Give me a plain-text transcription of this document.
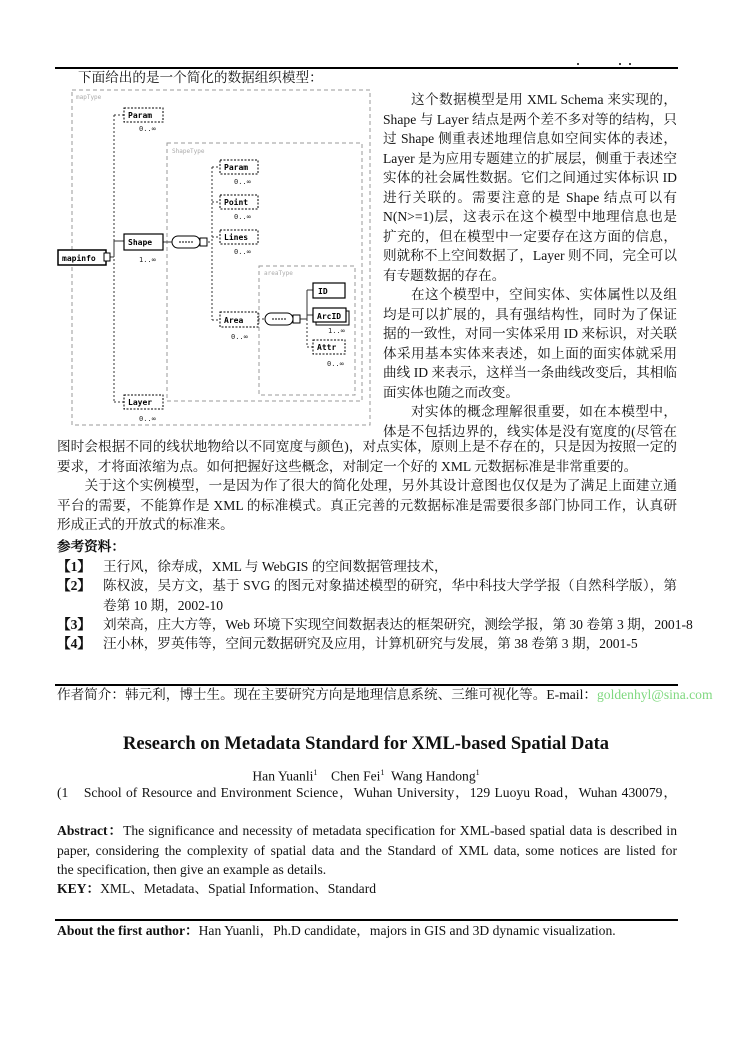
下面给出的是一个简化的数据组织模型：
mapType
ShapeType
areaType
mapinfo
Param
Shape
Param
Point
Lines
Area
ID
ArcID
Attr
Layer
0..∞
1..∞
0..∞
0..∞
0..∞
0..∞
1..∞
0..∞
0..∞
　　这个数据模型是用 XML Schema 来实现的，
Shape 与 Layer 结点是两个差不多对等的结构，只
过 Shape 侧重表述地理信息如空间实体的表述，
Layer 是为应用专题建立的扩展层，侧重于表述空
实体的社会属性数据。它们之间通过实体标识 ID
进行关联的。需要注意的是 Shape 结点可以有
N(N>=1)层，这表示在这个模型中地理信息也是
扩充的，但在模型中一定要存在这方面的信息，
则就称不上空间数据了，Layer 则不同，完全可以
有专题数据的存在。
　　在这个模型中，空间实体、实体属性以及组
均是可以扩展的，具有强结构性，同时为了保证
据的一致性，对同一实体采用 ID 来标识，对关联
体采用基本实体来表述，如上面的面实体就采用
曲线 ID 来表示，这样当一条曲线改变后，其相临
面实体也随之而改变。
　　对实体的概念理解很重要，如在本模型中，
体是不包括边界的，线实体是没有宽度的(尽管在
图时会根据不同的线状地物给以不同宽度与颜色)，对点实体，原则上是不存在的，只是因为按照一定的
要求，才将面浓缩为点。如何把握好这些概念，对制定一个好的 XML 元数据标准是非常重要的。
　　关于这个实例模型，一是因为作了很大的简化处理，另外其设计意图也仅仅是为了满足上面建立通
平台的需要，不能算作是 XML 的标准模式。真正完善的元数据标准是需要很多部门协同工作，认真研
形成正式的开放式的标准来。
参考资料：
【1】 王行风，徐寿成，XML 与 WebGIS 的空间数据管理技术，
【2】 陈权波，吴方文，基于 SVG 的图元对象描述模型的研究，华中科技大学学报（自然科学版），第
卷第 10 期，2002-10
【3】 刘荣高，庄大方等，Web 环境下实现空间数据表达的框架研究，测绘学报，第 30 卷第 3 期，2001-8
【4】 汪小林，罗英伟等，空间元数据研究及应用，计算机研究与发展，第 38 卷第 3 期，2001-5
作者简介：韩元利，博士生。现在主要研究方向是地理信息系统、三维可视化等。E-mail：goldenhyl@sina.com
Research on Metadata Standard for XML-based Spatial Data
Han Yuanli$^1$ Chen Fei$^1$ Wang Handong$^1$
(1　School of Resource and Environment Science，Wuhan University，129 Luoyu Road，Wuhan 430079，
Abstract：The significance and necessity of metadata specification for XML-based spatial data is described in
paper, considering the complexity of spatial data and the Standard of XML data, some notices are listed for
the specification, then give an example as details.
KEY：XML、Metadata、Spatial Information、Standard
About the first author：Han Yuanli，Ph.D candidate，majors in GIS and 3D dynamic visualization.
